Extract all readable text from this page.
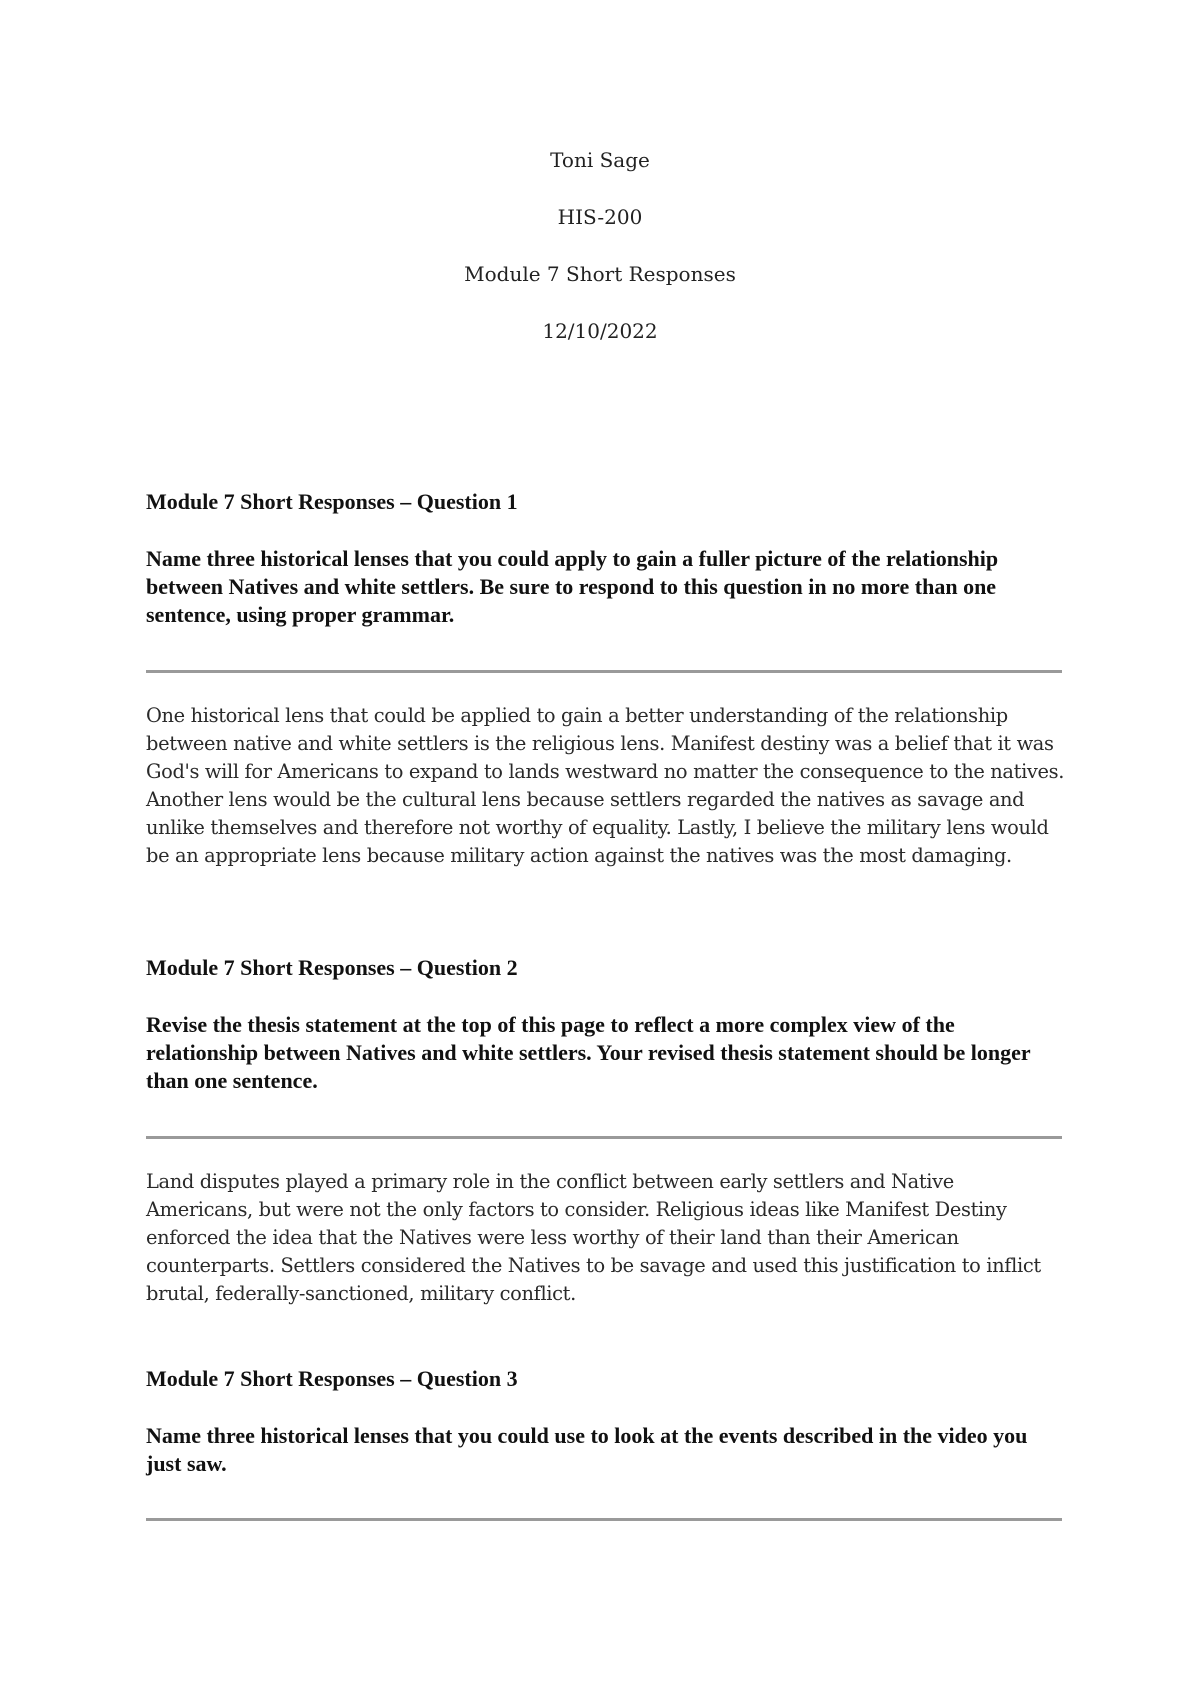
Toni Sage
HIS-200
Module 7 Short Responses
12/10/2022

Module 7 Short Responses – Question 1

Name three historical lenses that you could apply to gain a fuller picture of the relationship between Natives and white settlers. Be sure to respond to this question in no more than one sentence, using proper grammar.

One historical lens that could be applied to gain a better understanding of the relationship between native and white settlers is the religious lens. Manifest destiny was a belief that it was God's will for Americans to expand to lands westward no matter the consequence to the natives. Another lens would be the cultural lens because settlers regarded the natives as savage and unlike themselves and therefore not worthy of equality. Lastly, I believe the military lens would be an appropriate lens because military action against the natives was the most damaging.

Module 7 Short Responses – Question 2

Revise the thesis statement at the top of this page to reflect a more complex view of the relationship between Natives and white settlers. Your revised thesis statement should be longer than one sentence.

Land disputes played a primary role in the conflict between early settlers and Native Americans, but were not the only factors to consider. Religious ideas like Manifest Destiny enforced the idea that the Natives were less worthy of their land than their American counterparts. Settlers considered the Natives to be savage and used this justification to inflict brutal, federally-sanctioned, military conflict.

Module 7 Short Responses – Question 3

Name three historical lenses that you could use to look at the events described in the video you just saw.
